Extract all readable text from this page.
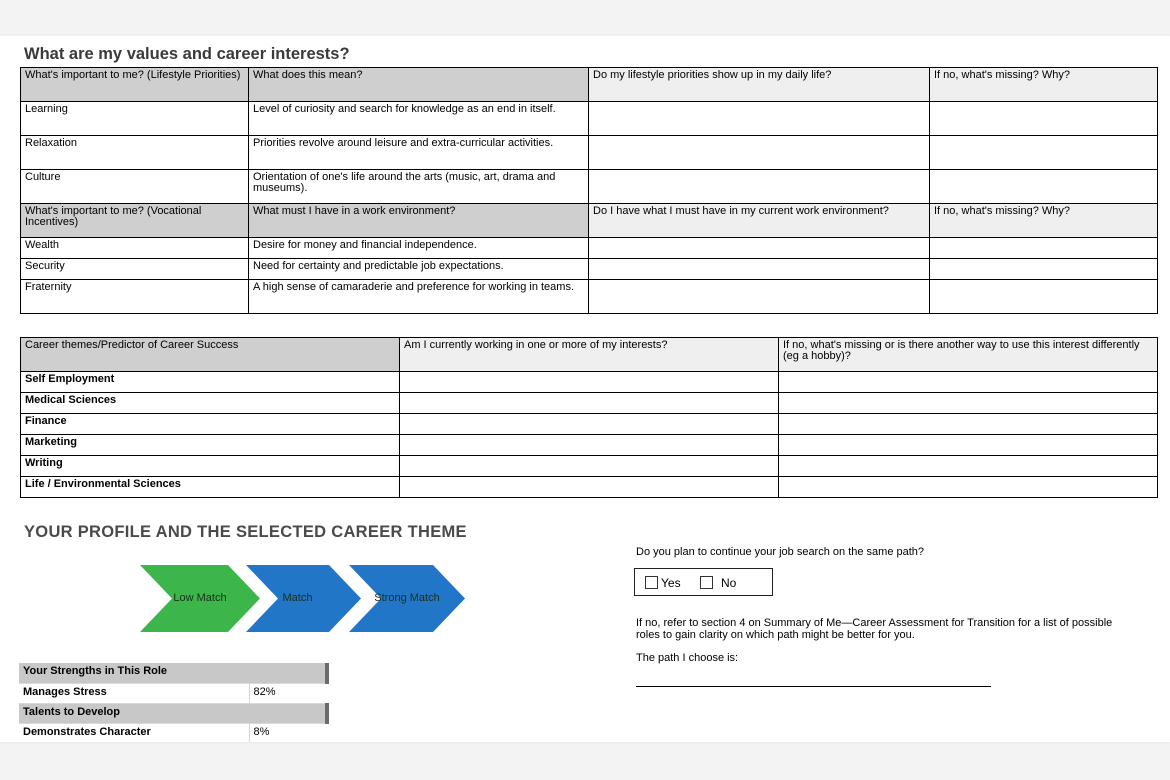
What are my values and career interests?
What's important to me? (Lifestyle Priorities)	What does this mean?	Do my lifestyle priorities show up in my daily life?	If no, what's missing? Why?
Learning	Level of curiosity and search for knowledge as an end in itself.		
Relaxation	Priorities revolve around leisure and extra-curricular activities.		
Culture	Orientation of one's life around the arts (music, art, drama and museums).		
What's important to me? (Vocational Incentives)	What must I have in a work environment?	Do I have what I must have in my current work environment?	If no, what's missing? Why?
Wealth	Desire for money and financial independence.		
Security	Need for certainty and predictable job expectations.		
Fraternity	A high sense of camaraderie and preference for working in teams.		
Career themes/Predictor of Career Success	Am I currently working in one or more of my interests?	If no, what's missing or is there another way to use this interest differently (eg a hobby)?
Self Employment		
Medical Sciences		
Finance		
Marketing		
Writing		
Life / Environmental Sciences		
YOUR PROFILE AND THE SELECTED CAREER THEME
Low Match	Match	Strong Match
Your Strengths in This Role	
Manages Stress	82%
Talents to Develop	
Demonstrates Character	8%
Do you plan to continue your job search on the same path?
Yes	No
If no, refer to section 4 on Summary of Me—Career Assessment for Transition for a list of possible roles to gain clarity on which path might be better for you.
The path I choose is:
